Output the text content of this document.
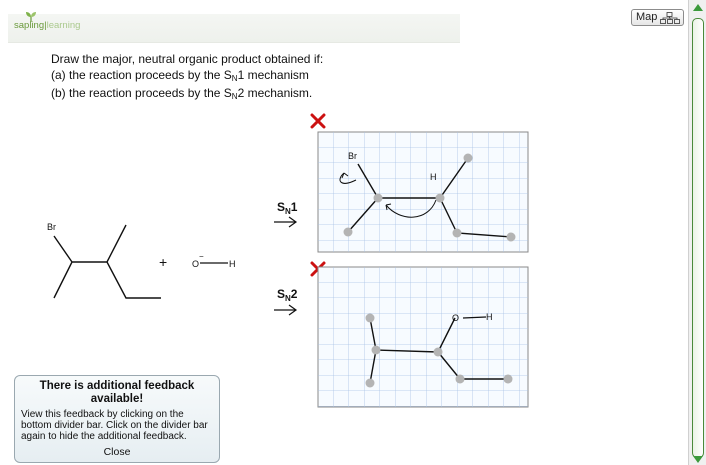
sapling|learning
Map
Draw the major, neutral organic product obtained if:
(a) the reaction proceeds by the $S_N1$ mechanism
(b) the reaction proceeds by the $S_N2$ mechanism.
Br
+	O
−
H
$S_N1$
$S_N2$
Br
H
O	H
There is additional feedback available!
View this feedback by clicking on the bottom divider bar. Click on the divider bar again to hide the additional feedback.
Close
